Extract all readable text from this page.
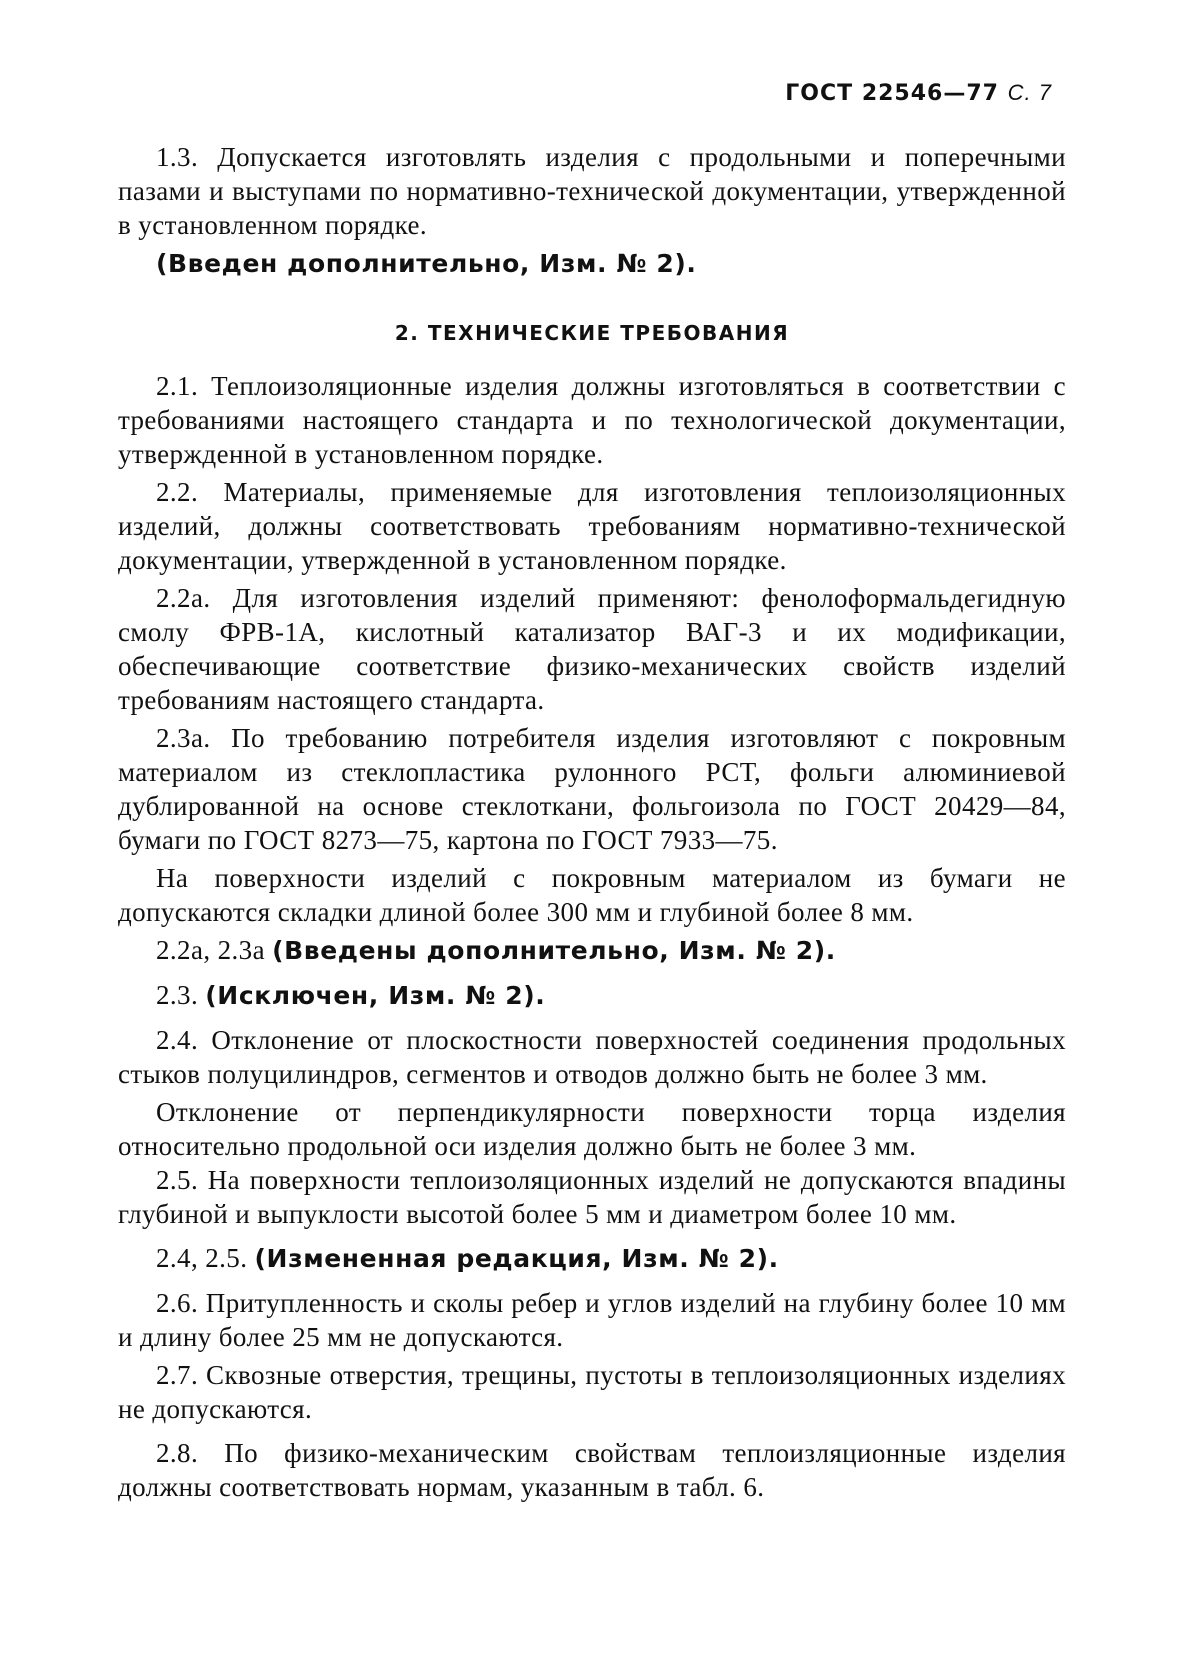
ГОСТ 22546—77 С. 7

1.3. Допускается изготовлять изделия с продольными и поперечными пазами и выступами по нормативно-технической документации, утвержденной в установленном порядке.

(Введен дополнительно, Изм. № 2).

2. ТЕХНИЧЕСКИЕ ТРЕБОВАНИЯ

2.1. Теплоизоляционные изделия должны изготовляться в соответствии с требованиями настоящего стандарта и по технологической документации, утвержденной в установленном порядке.

2.2. Материалы, применяемые для изготовления теплоизоляционных изделий, должны соответствовать требованиям нормативно-технической документации, утвержденной в установленном порядке.

2.2а. Для изготовления изделий применяют: фенолоформальдегидную смолу ФРВ-1А, кислотный катализатор ВАГ-3 и их модификации, обеспечивающие соответствие физико-механических свойств изделий требованиям настоящего стандарта.

2.3а. По требованию потребителя изделия изготовляют с покровным материалом из стеклопластика рулонного РСТ, фольги алюминиевой дублированной на основе стеклоткани, фольгоизола по ГОСТ 20429—84, бумаги по ГОСТ 8273—75, картона по ГОСТ 7933—75.

На поверхности изделий с покровным материалом из бумаги не допускаются складки длиной более 300 мм и глубиной более 8 мм.

2.2а, 2.3а (Введены дополнительно, Изм. № 2).

2.3. (Исключен, Изм. № 2).

2.4. Отклонение от плоскостности поверхностей соединения продольных стыков полуцилиндров, сегментов и отводов должно быть не более 3 мм.

Отклонение от перпендикулярности поверхности торца изделия относительно продольной оси изделия должно быть не более 3 мм.

2.5. На поверхности теплоизоляционных изделий не допускаются впадины глубиной и выпуклости высотой более 5 мм и диаметром более 10 мм.

2.4, 2.5. (Измененная редакция, Изм. № 2).

2.6. Притупленность и сколы ребер и углов изделий на глубину более 10 мм и длину более 25 мм не допускаются.

2.7. Сквозные отверстия, трещины, пустоты в теплоизоляционных изделиях не допускаются.

2.8. По физико-механическим свойствам теплоизляционные изделия должны соответствовать нормам, указанным в табл. 6.
